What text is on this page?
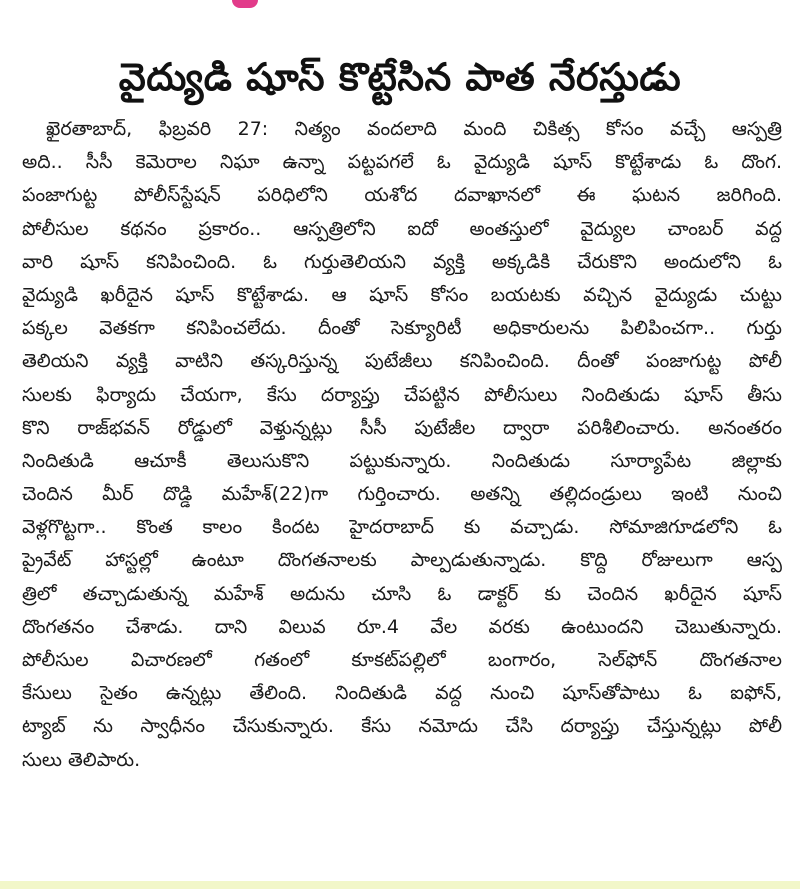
వైద్యుడి షూస్ కొట్టేసిన పాత నేరస్తుడు
ఖైరతాబాద్, ఫిబ్రవరి 27: నిత్యం వందలాది మంది చికిత్స కోసం వచ్చే ఆస్పత్రి
అది.. సీసీ కెమెరాల నిఘా ఉన్నా పట్టపగలే ఓ వైద్యుడి షూస్ కొట్టేశాడు ఓ దొంగ.
పంజాగుట్ట పోలీస్‌స్టేషన్ పరిధిలోని యశోద దవాఖానలో ఈ ఘటన జరిగింది.
పోలీసుల కథనం ప్రకారం.. ఆస్పత్రిలోని ఐదో అంతస్తులో వైద్యుల చాంబర్ వద్ద
వారి షూస్ కనిపించింది. ఓ గుర్తుతెలియని వ్యక్తి అక్కడికి చేరుకొని అందులోని ఓ
వైద్యుడి ఖరీదైన షూస్ కొట్టేశాడు. ఆ షూస్ కోసం బయటకు వచ్చిన వైద్యుడు చుట్టు
పక్కల వెతకగా కనిపించలేదు. దీంతో సెక్యూరిటీ అధికారులను పిలిపించగా.. గుర్తు
తెలియని వ్యక్తి వాటిని తస్కరిస్తున్న పుటేజీలు కనిపించింది. దీంతో పంజాగుట్ట పోలీ
సులకు ఫిర్యాదు చేయగా, కేసు దర్యాప్తు చేపట్టిన పోలీసులు నిందితుడు షూస్ తీసు
కొని రాజ్‌భవన్ రోడ్డులో వెళ్తున్నట్లు సీసీ పుటేజీల ద్వారా పరిశీలించారు. అనంతరం
నిందితుడి ఆచూకీ తెలుసుకొని పట్టుకున్నారు. నిందితుడు సూర్యాపేట జిల్లాకు
చెందిన మీర్ దొడ్డి మహేశ్(22)గా గుర్తించారు. అతన్ని తల్లిదండ్రులు ఇంటి నుంచి
వెళ్లగొట్టగా.. కొంత కాలం కిందట హైదరాబాద్ కు వచ్చాడు. సోమాజిగూడలోని ఓ
ప్రైవేట్ హాస్టల్లో ఉంటూ దొంగతనాలకు పాల్పడుతున్నాడు. కొద్ది రోజులుగా ఆస్ప
త్రిలో తచ్చాడుతున్న మహేశ్ అదును చూసి ఓ డాక్టర్ కు చెందిన ఖరీదైన షూస్
దొంగతనం చేశాడు. దాని విలువ రూ.4 వేల వరకు ఉంటుందని చెబుతున్నారు.
పోలీసుల విచారణలో గతంలో కూకట్‌పల్లిలో బంగారం, సెల్‌ఫోన్ దొంగతనాల
కేసులు సైతం ఉన్నట్లు తేలింది. నిందితుడి వద్ద నుంచి షూస్‌తోపాటు ఓ ఐఫోన్,
ట్యాబ్ ను స్వాధీనం చేసుకున్నారు. కేసు నమోదు చేసి దర్యాప్తు చేస్తున్నట్లు పోలీ
సులు తెలిపారు.
